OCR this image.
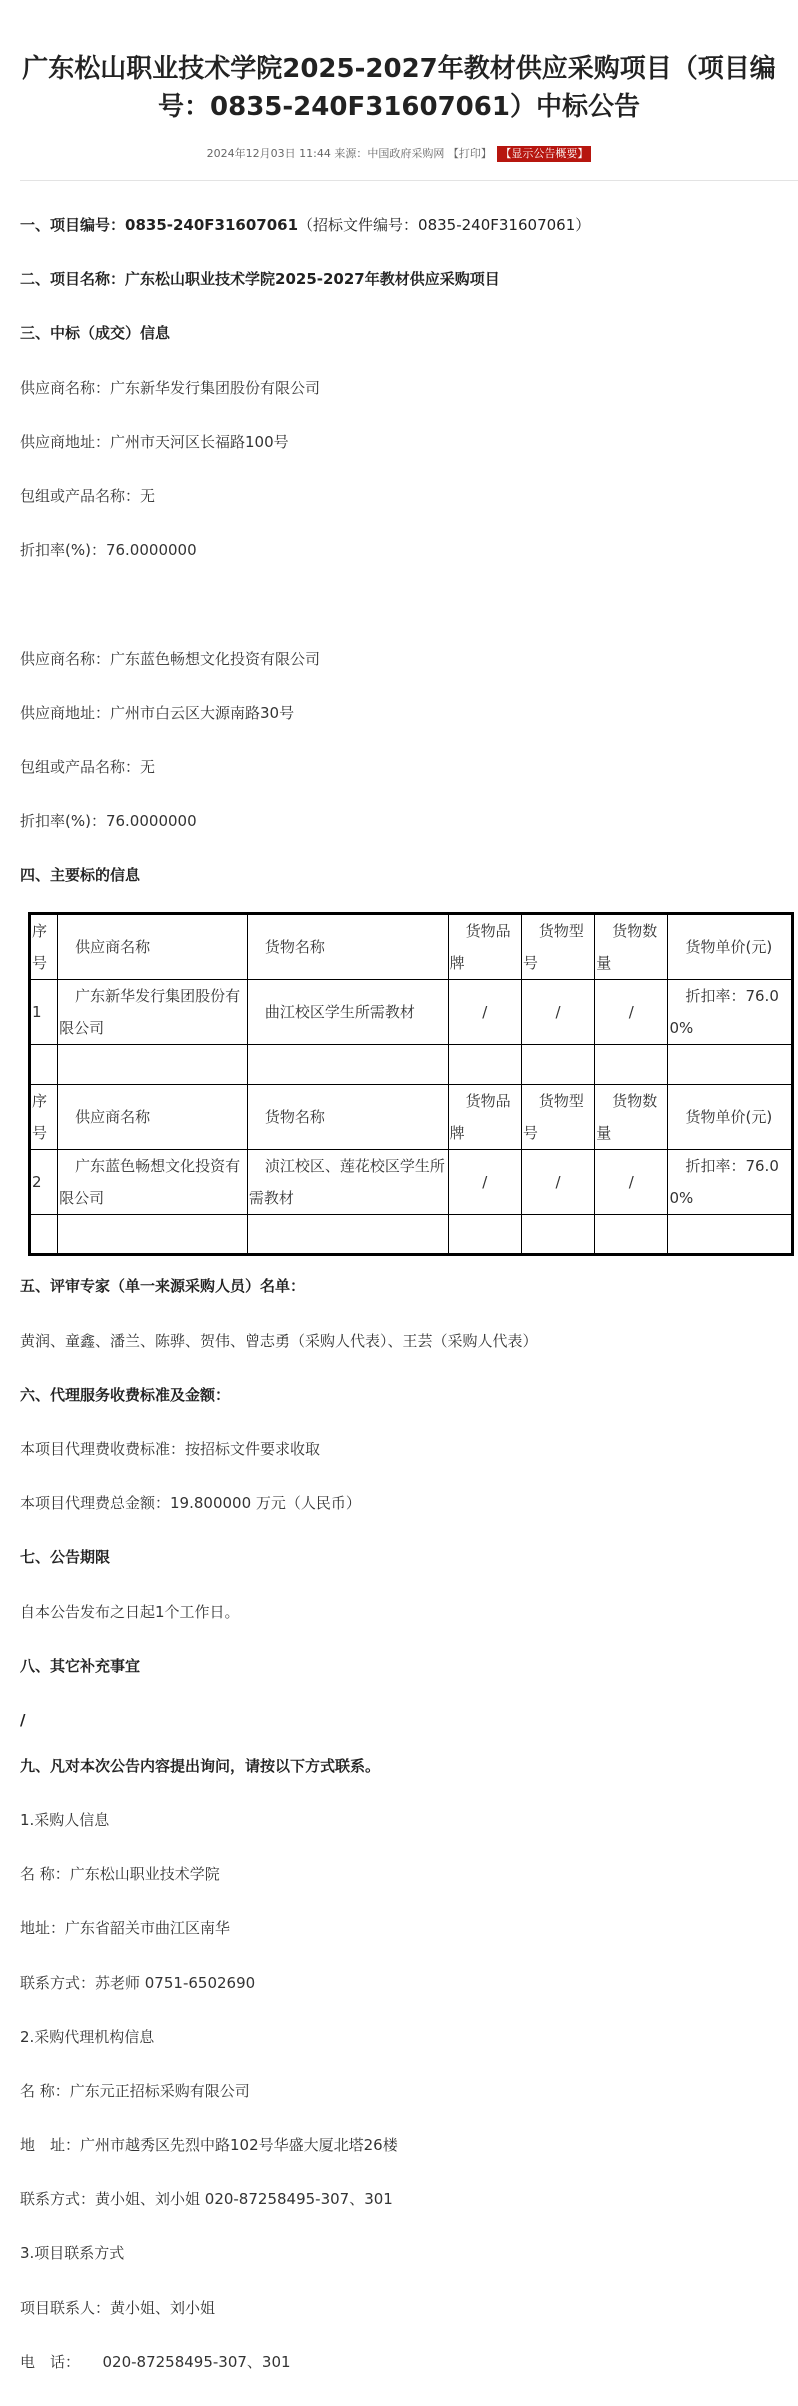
广东松山职业技术学院2025-2027年教材供应采购项目（项目编号：0835-240F31607061）中标公告
2024年12月03日 11:44 来源：中国政府采购网 【打印】 【显示公告概要】

一、项目编号：0835-240F31607061（招标文件编号：0835-240F31607061）

二、项目名称：广东松山职业技术学院2025-2027年教材供应采购项目

三、中标（成交）信息

供应商名称：广东新华发行集团股份有限公司

供应商地址：广州市天河区长福路100号

包组或产品名称：无

折扣率(%)：76.0000000

供应商名称：广东蓝色畅想文化投资有限公司

供应商地址：广州市白云区大源南路30号

包组或产品名称：无

折扣率(%)：76.0000000

四、主要标的信息

序号	供应商名称	货物名称	货物品牌	货物型号	货物数量	货物单价(元)
1	广东新华发行集团股份有限公司	曲江校区学生所需教材	/	/	/	折扣率：76.00%

序号	供应商名称	货物名称	货物品牌	货物型号	货物数量	货物单价(元)
2	广东蓝色畅想文化投资有限公司	浈江校区、莲花校区学生所需教材	/	/	/	折扣率：76.00%

五、评审专家（单一来源采购人员）名单：

黄润、童鑫、潘兰、陈骅、贺伟、曾志勇（采购人代表）、王芸（采购人代表）

六、代理服务收费标准及金额：

本项目代理费收费标准：按招标文件要求收取

本项目代理费总金额：19.800000 万元（人民币）

七、公告期限

自本公告发布之日起1个工作日。

八、其它补充事宜

/

九、凡对本次公告内容提出询问，请按以下方式联系。

1.采购人信息

名 称：广东松山职业技术学院

地址：广东省韶关市曲江区南华

联系方式：苏老师 0751-6502690

2.采购代理机构信息

名 称：广东元正招标采购有限公司

地　址：广州市越秀区先烈中路102号华盛大厦北塔26楼

联系方式：黄小姐、刘小姐 020-87258495-307、301

3.项目联系方式

项目联系人：黄小姐、刘小姐

电　话：　　020-87258495-307、301
